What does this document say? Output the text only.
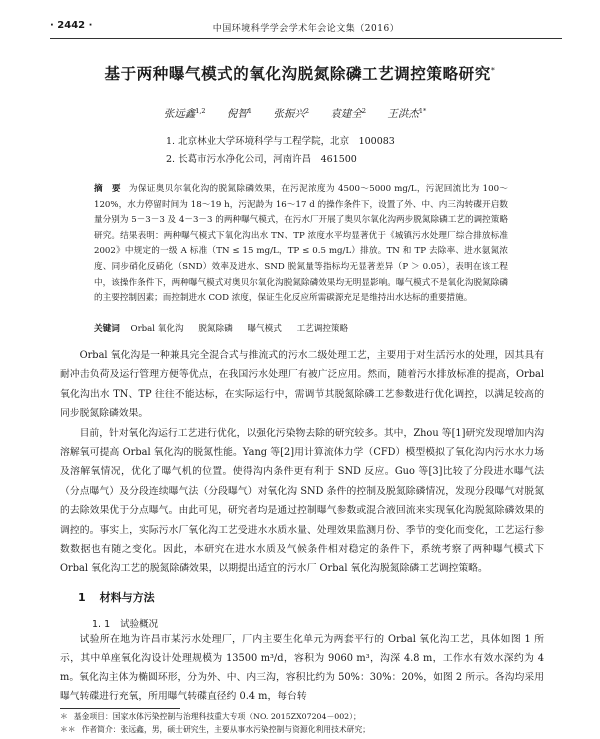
· 2442 ·	中国环境科学学会学术年会论文集（2016）
基于两种曝气模式的氧化沟脱氮除磷工艺调控策略研究*
张远鑫$^{1,2}$ 倪智$^1$ 张振兴$^2$ 袁建全$^2$ 王洪杰$^{1*}$
1. 北京林业大学环境科学与工程学院，北京　100083
2. 长葛市污水净化公司，河南许昌　461500
摘　要 为保证奥贝尔氧化沟的脱氮除磷效果，在污泥浓度为 4500～5000 mg/L，污泥回流比为 100～120%，水力停留时间为 18～19 h，污泥龄为 16～17 d 的操作条件下，设置了外、中、内三沟转碟开启数量分别为 5－3－3 及 4－3－3 的两种曝气模式，在污水厂开展了奥贝尔氧化沟两步脱氮除磷工艺的调控策略研究。结果表明：两种曝气模式下氧化沟出水 TN、TP 浓度水平均显著优于《城镇污水处理厂综合排放标准 2002》中规定的一级 A 标准（TN ≤ 15 mg/L，TP ≤ 0.5 mg/L）排放。TN 和 TP 去除率、进水氨氮浓度、同步硝化反硝化（SND）效率及进水、SND 脱氮量等指标均无显著差异（P ＞ 0.05），表明在该工程中，该操作条件下，两种曝气模式对奥贝尔氧化沟脱氮除磷效果均无明显影响。曝气模式不是氧化沟脱氮除磷的主要控制因素；而控制进水 COD 浓度，保证生化反应所需碳源充足是维持出水达标的重要措施。
关键词 Orbal 氧化沟 脱氮除磷 曝气模式 工艺调控策略

Orbal 氧化沟是一种兼具完全混合式与推流式的污水二级处理工艺，主要用于对生活污水的处理，因其具有耐冲击负荷及运行管理方便等优点，在我国污水处理厂有被广泛应用。然而，随着污水排放标准的提高，Orbal 氧化沟出水 TN、TP 往往不能达标，在实际运行中，需调节其脱氮除磷工艺参数进行优化调控，以满足较高的同步脱氮除磷效果。

目前，针对氧化沟运行工艺进行优化，以强化污染物去除的研究较多。其中，Zhou 等[1]研究发现增加内沟溶解氧可提高 Orbal 氧化沟的脱氮性能。Yang 等[2]用计算流体力学（CFD）模型模拟了氧化沟内污水水力场及溶解氧情况，优化了曝气机的位置。使得沟内条件更有利于 SND 反应。Guo 等[3]比较了分段进水曝气法（分点曝气）及分段连续曝气法（分段曝气）对氧化沟 SND 条件的控制及脱氮除磷情况，发现分段曝气对脱氮的去除效果优于分点曝气。由此可见，研究者均是通过控制曝气参数或混合液回流来实现氧化沟脱氮除磷效果的调控的。事实上，实际污水厂氧化沟工艺受进水水质水量、处理效果监测月份、季节的变化而变化，工艺运行参数数据也有随之变化。因此，本研究在进水水质及气候条件相对稳定的条件下，系统考察了两种曝气模式下 Orbal 氧化沟工艺的脱氮除磷效果，以期提出适宜的污水厂 Orbal 氧化沟脱氮除磷工艺调控策略。

1 材料与方法
1. 1 试验概况

试验所在地为许昌市某污水处理厂，厂内主要生化单元为两套平行的 Orbal 氧化沟工艺，具体如图 1 所示，其中单座氧化沟设计处理规模为 13500 m³/d，容积为 9060 m³，沟深 4.8 m，工作水有效水深约为 4 m。氧化沟主体为椭圆环形，分为外、中、内三沟，容积比约为 50%：30%：20%，如图 2 所示。各沟均采用曝气转碟进行充氧，所用曝气转碟直径约 0.4 m，每台转

＊ 基金项目：国家水体污染控制与治理科技重大专项（NO. 2015ZX07204－002）；
＊＊ 作者简介：张远鑫，男，硕士研究生，主要从事水污染控制与资源化利用技术研究；
